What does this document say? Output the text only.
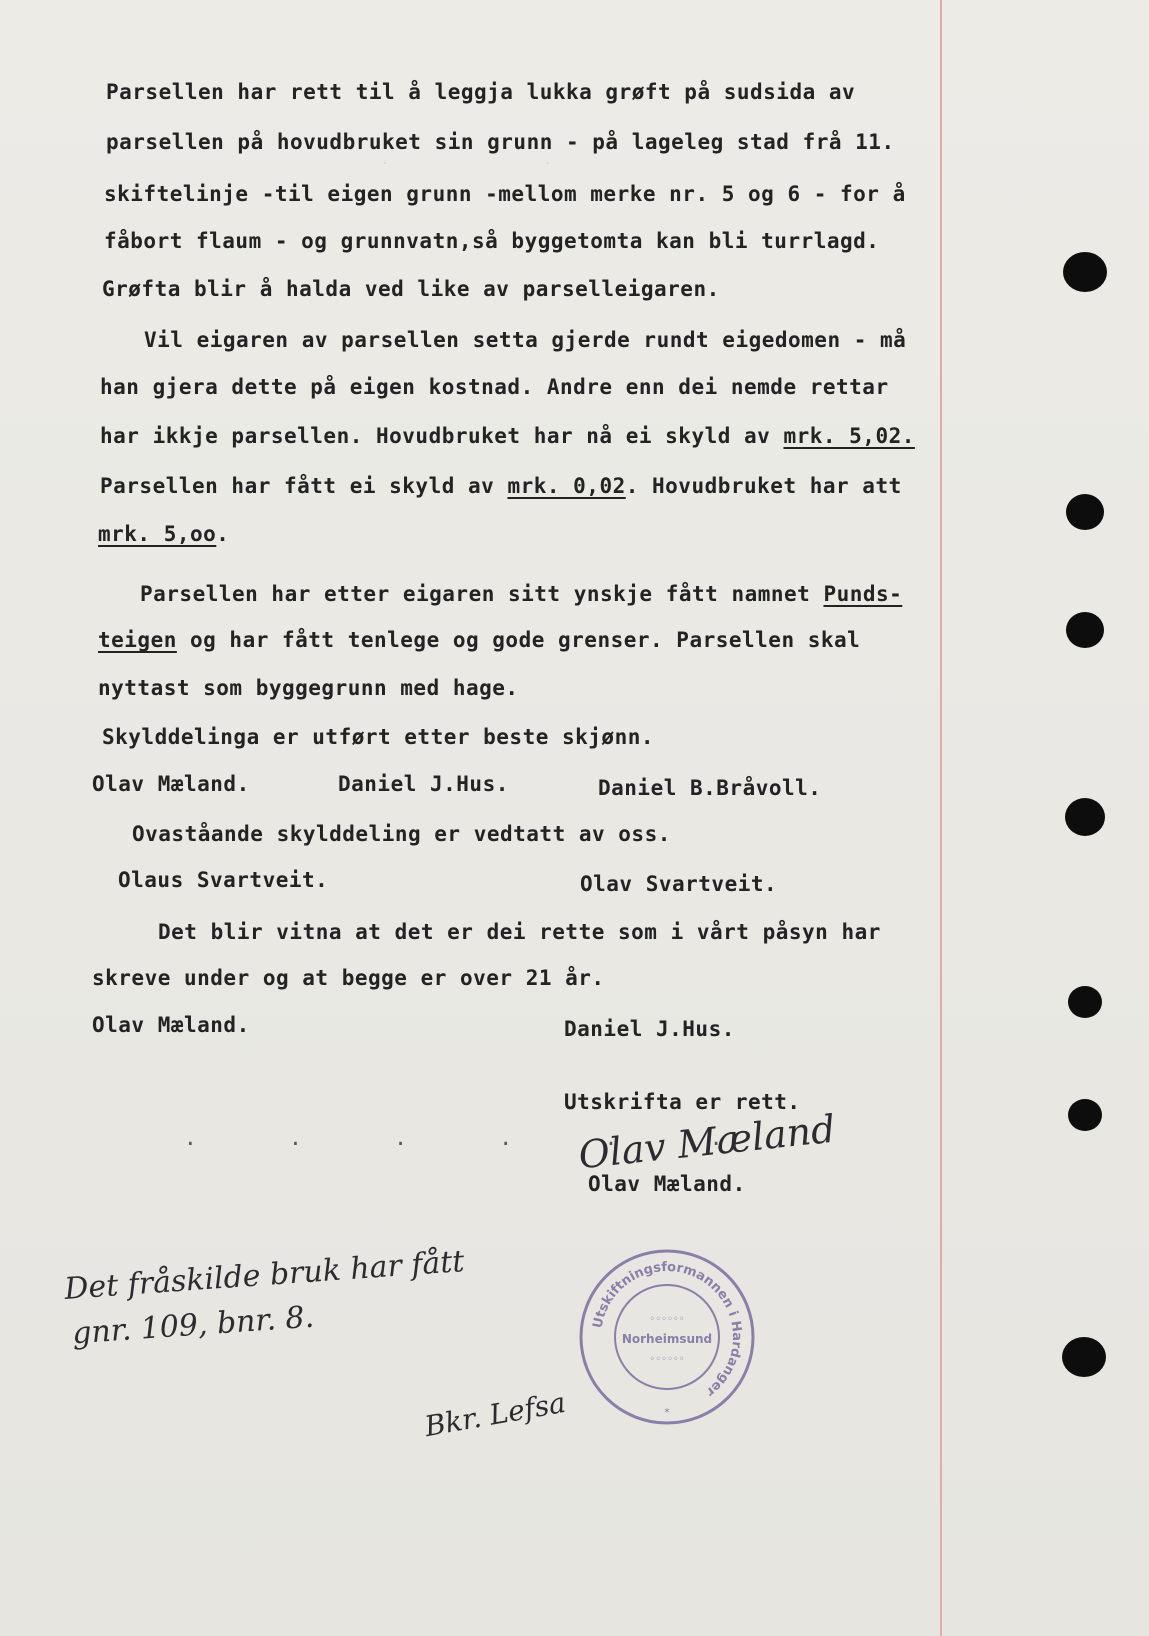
.                 .

Parsellen har rett til å leggja lukka grøft på sudsida av

parsellen på hovudbruket sin grunn - på lageleg stad frå 11.

skiftelinje -til eigen grunn -mellom merke nr. 5 og 6 - for å

fåbort flaum - og grunnvatn,så byggetomta kan bli turrlagd.

Grøfta blir å halda ved like av parselleigaren.

Vil eigaren av parsellen setta gjerde rundt eigedomen - må

han gjera dette på eigen kostnad. Andre enn dei nemde rettar

har ikkje parsellen. Hovudbruket har nå ei skyld av mrk. 5,02.

Parsellen har fått ei skyld av mrk. 0,02. Hovudbruket har att

mrk. 5,oo.

Parsellen har etter eigaren sitt ynskje fått namnet Punds-

teigen og har fått tenlege og gode grenser. Parsellen skal

nyttast som byggegrunn med hage.

Skylddelinga er utført etter beste skjønn.

Olav Mæland.	Daniel J.Hus.	Daniel B.Bråvoll.

Ovaståande skylddeling er vedtatt av oss.

Olaus Svartveit.	Olav Svartveit.

Det blir vitna at det er dei rette som i vårt påsyn har

skreve under og at begge er over 21 år.

Olav Mæland.	Daniel J.Hus.

Utskrifta er rett.

.       .       .       .       .       .

Olav Mæland

Olav Mæland.

Det fråskilde bruk har fått

gnr. 109, bnr. 8.

Bkr. Lefsa

Utskiftningsformannen i Hardanger
◦◦◦◦◦◦
Norheimsund
◦◦◦◦◦◦
*
